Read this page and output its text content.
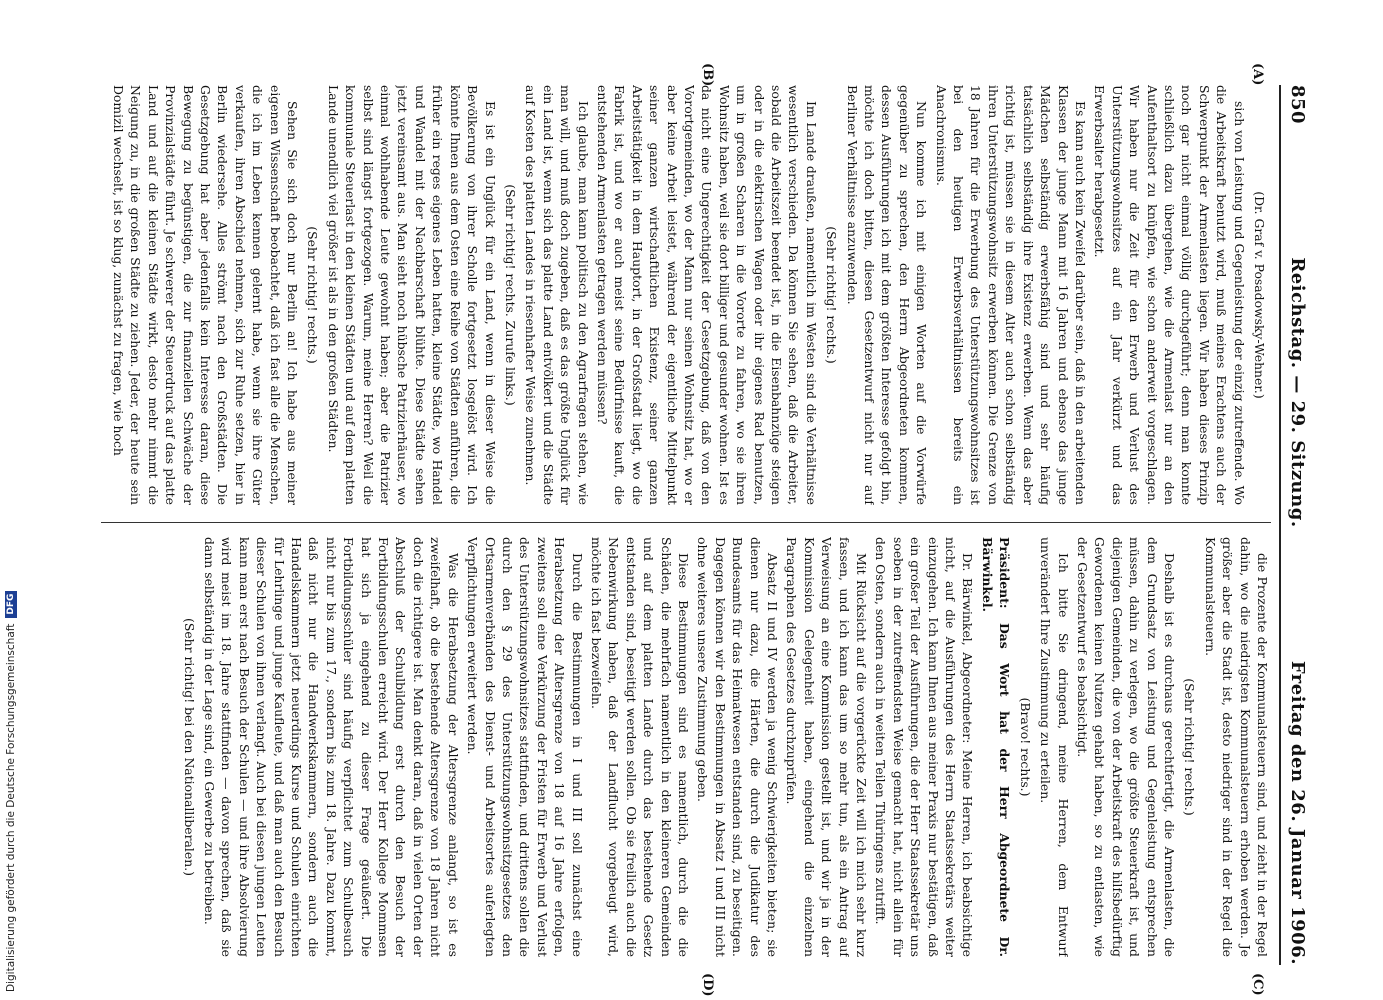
850
Reichstag. — 29. Sitzung.
Freitag den 26. Januar 1906.

(Dr. Graf v. Posadowsky-Wehner.)

sich von Leistung und Gegenleistung der einzig zutreffende. Wo die Arbeitskraft benutzt wird, muß meines Erachtens auch der Schwerpunkt der Armenlasten liegen. Wir haben dieses Prinzip noch gar nicht einmal völlig durchgeführt; denn man konnte schließlich dazu übergehen, wie die Armenlast nur an den Aufenthaltsort zu knüpfen, wie schon anderweit vorgeschlagen. Wir haben nur die Zeit für den Erwerb und Verlust des Unterstützungswohnsitzes auf ein Jahr verkürzt und das Erwerbsalter herabgesetzt.

Es kann auch kein Zweifel darüber sein, daß in den arbeitenden Klassen der junge Mann mit 16 Jahren und ebenso das junge Mädchen selbständig erwerbsfähig sind und sehr häufig tatsächlich selbständig ihre Existenz erwerben. Wenn das aber richtig ist, müssen sie in diesem Alter auch schon selbständig ihren Unterstützungswohnsitz erwerben können. Die Grenze von 18 Jahren für die Erwerbung des Unterstützungswohnsitzes ist bei den heutigen Erwerbsverhältnissen bereits ein Anachronismus.

Nun komme ich mit einigen Worten auf die Vorwürfe gegenüber zu sprechen, den Herrn Abgeordneten kommen, dessen Ausführungen ich mit dem größten Interesse gefolgt bin, möchte ich doch bitten, diesen Gesetzentwurf nicht nur auf Berliner Verhältnisse anzuwenden.

(Sehr richtig! rechts.)

Im Lande draußen, namentlich im Westen sind die Verhältnisse wesentlich verschieden. Da können Sie sehen, daß die Arbeiter, sobald die Arbeitszeit beendet ist, in die Eisenbahnzüge steigen oder in die elektrischen Wagen oder ihr eigenes Rad benutzen, um in großen Scharen in die Vororte zu fahren, wo sie ihren Wohnsitz haben, weil sie dort billiger und gesunder wohnen. Ist es da nicht eine Ungerechtigkeit der Gesetzgebung, daß von den Vorortgemeinden, wo der Mann nur seinen Wohnsitz hat, wo er aber keine Arbeit leistet, während der eigentliche Mittelpunkt seiner ganzen wirtschaftlichen Existenz, seiner ganzen Arbeitstätigkeit in dem Hauptort, in der Großstadt liegt, wo die Fabrik ist, und wo er auch meist seine Bedürfnisse kauft, die entstehenden Armenlasten getragen werden müssen?

Ich glaube, man kann politisch zu den Agrarfragen stehen, wie man will, und muß doch zugeben, daß es das größte Unglück für ein Land ist, wenn sich das platte Land entvölkert und die Städte auf Kosten des platten Landes in riesenhafter Weise zunehmen.

(Sehr richtig! rechts. Zurufe links.)

Es ist ein Unglück für ein Land, wenn in dieser Weise die Bevölkerung von ihrer Scholle fortgesetzt losgelöst wird. Ich könnte Ihnen aus dem Osten eine Reihe von Städten anführen, die früher ein reges eigenes Leben hatten, kleine Städte, wo Handel und Wandel mit der Nachbarschaft blühte. Diese Städte sehen jetzt vereinsamt aus. Man sieht noch hübsche Patrizierhäuser, wo einmal wohlhabende Leute gewohnt haben; aber die Patrizier selbst sind längst fortgezogen. Warum, meine Herren? Weil die kommunale Steuerlast in den kleinen Städten und auf dem platten Lande unendlich viel größer ist als in den großen Städten.

(Sehr richtig! rechts.)

Sehen Sie sich doch nur Berlin an! Ich habe aus meiner eigenen Wissenschaft beobachtet, daß ich fast alle die Menschen, die ich im Leben kennen gelernt habe, wenn sie ihre Güter verkaufen, ihren Abschied nehmen, sich zur Ruhe setzen, hier in Berlin wiedersehe. Alles strömt nach den Großstädten. Die Gesetzgebung hat aber jedenfalls kein Interesse daran, diese Bewegung zu begünstigen, die zur finanziellen Schwäche der Provinzialstädte führt. Je schwerer der Steuerdruck auf das platte Land und auf die kleinen Städte wirkt, desto mehr nimmt die Neigung zu, in die großen Städte zu ziehen. Jeder, der heute sein Domizil wechselt, ist so klug, zunächst zu fragen, wie hoch

die Prozente der Kommunalsteuern sind, und zieht in der Regel dahin, wo die niedrigsten Kommunalsteuern erhoben werden. Je größer aber die Stadt ist, desto niedriger sind in der Regel die Kommunalsteuern.

(Sehr richtig! rechts.)

Deshalb ist es durchaus gerechtfertigt, die Armenlasten, die dem Grundsatz von Leistung und Gegenleistung entsprechen müssen, dahin zu verlegen, wo die größte Steuerkraft ist, und diejenigen Gemeinden, die von der Arbeitskraft des hilfsbedürftig Gewordenen keinen Nutzen gehabt haben, so zu entlasten, wie der Gesetzentwurf es beabsichtigt.

Ich bitte Sie dringend, meine Herren, dem Entwurf unverändert Ihre Zustimmung zu erteilen.

(Bravo! rechts.)

Präsident: Das Wort hat der Herr Abgeordnete Dr. Bärwinkel.

Dr. Bärwinkel, Abgeordneter: Meine Herren, ich beabsichtige nicht, auf die Ausführungen des Herrn Staatssekretärs weiter einzugehen. Ich kann Ihnen aus meiner Praxis nur bestätigen, daß ein großer Teil der Ausführungen, die der Herr Staatssekretär uns soeben in der zutreffendsten Weise gemacht hat, nicht allein für den Osten, sondern auch in weiten Teilen Thüringens zutrifft.

Mit Rücksicht auf die vorgerückte Zeit will ich mich sehr kurz fassen, und ich kann das um so mehr tun, als ein Antrag auf Verweisung an eine Kommission gestellt ist, und wir ja in der Kommission Gelegenheit haben, eingehend die einzelnen Paragraphen des Gesetzes durchzuprüfen.

Absatz II und IV werden ja wenig Schwierigkeiten bieten; sie dienen nur dazu, die Härten, die durch die Judikatur des Bundesamts für das Heimatwesen entstanden sind, zu beseitigen. Dagegen können wir den Bestimmungen in Absatz I und III nicht ohne weiteres unsere Zustimmung geben.

Diese Bestimmungen sind es namentlich, durch die die Schäden, die mehrfach namentlich in den kleineren Gemeinden und auf dem platten Lande durch das bestehende Gesetz entstanden sind, beseitigt werden sollen. Ob sie freilich auch die Nebenwirkung haben, daß der Landflucht vorgebeugt wird, möchte ich fast bezweifeln.

Durch die Bestimmungen in I und III soll zunächst eine Herabsetzung der Altersgrenze von 18 auf 16 Jahre erfolgen, zweitens soll eine Verkürzung der Fristen für Erwerb und Verlust des Unterstützungswohnsitzes stattfinden, und drittens sollen die durch den § 29 des Unterstützungswohnsitzgesetzes den Ortsarmenverbänden des Dienst- und Arbeitsortes auferlegten Verpflichtungen erweitert werden.

Was die Herabsetzung der Altersgrenze anlangt, so ist es zweifelhaft, ob die bestehende Altersgrenze von 18 Jahren nicht doch die richtigere ist. Man denkt daran, daß in vielen Orten der Abschluß der Schulbildung erst durch den Besuch der Fortbildungsschulen erreicht wird. Der Herr Kollege Mommsen hat sich ja eingehend zu dieser Frage geäußert. Die Fortbildungsschüler sind häufig verpflichtet zum Schulbesuch nicht nur bis zum 17., sondern bis zum 18. Jahre. Dazu kommt, daß nicht nur die Handwerkskammern, sondern auch die Handelskammern jetzt neuerdings Kurse und Schulen einrichten für Lehrlinge und junge Kaufleute, und daß man auch den Besuch dieser Schulen von ihnen verlangt. Auch bei diesen jungen Leuten kann man erst nach Besuch der Schulen — und ihre Absolvierung wird meist im 18. Jahre stattfinden — davon sprechen, daß sie dann selbständig in der Lage sind, ein Gewerbe zu betreiben.

(Sehr richtig! bei den Nationalliberalen.)

(A)
(B)
(C)
(D)
Digitalisierung gefördert durch die Deutsche Forschungsgemeinschaft
DFG
